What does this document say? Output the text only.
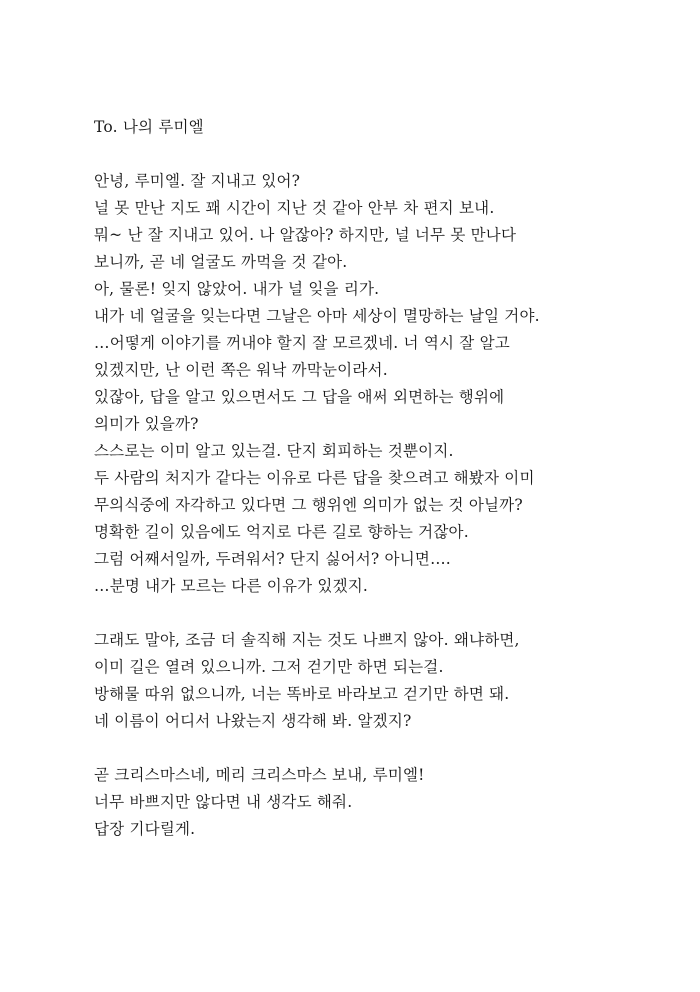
To. 나의 루미엘

안녕, 루미엘. 잘 지내고 있어?

널 못 만난 지도 꽤 시간이 지난 것 같아 안부 차 편지 보내.

뭐~ 난 잘 지내고 있어. 나 알잖아? 하지만, 널 너무 못 만나다

보니까, 곧 네 얼굴도 까먹을 것 같아.

아, 물론! 잊지 않았어. 내가 널 잊을 리가.

내가 네 얼굴을 잊는다면 그날은 아마 세상이 멸망하는 날일 거야.

…어떻게 이야기를 꺼내야 할지 잘 모르겠네. 너 역시 잘 알고

있겠지만, 난 이런 쪽은 워낙 까막눈이라서.

있잖아, 답을 알고 있으면서도 그 답을 애써 외면하는 행위에

의미가 있을까?

스스로는 이미 알고 있는걸. 단지 회피하는 것뿐이지.

두 사람의 처지가 같다는 이유로 다른 답을 찾으려고 해봤자 이미

무의식중에 자각하고 있다면 그 행위엔 의미가 없는 것 아닐까?

명확한 길이 있음에도 억지로 다른 길로 향하는 거잖아.

그럼 어째서일까, 두려워서? 단지 싫어서? 아니면….

…분명 내가 모르는 다른 이유가 있겠지.

그래도 말야, 조금 더 솔직해 지는 것도 나쁘지 않아. 왜냐하면,

이미 길은 열려 있으니까. 그저 걷기만 하면 되는걸.

방해물 따위 없으니까, 너는 똑바로 바라보고 걷기만 하면 돼.

네 이름이 어디서 나왔는지 생각해 봐. 알겠지?

곧 크리스마스네, 메리 크리스마스 보내, 루미엘!

너무 바쁘지만 않다면 내 생각도 해줘.

답장 기다릴게.
